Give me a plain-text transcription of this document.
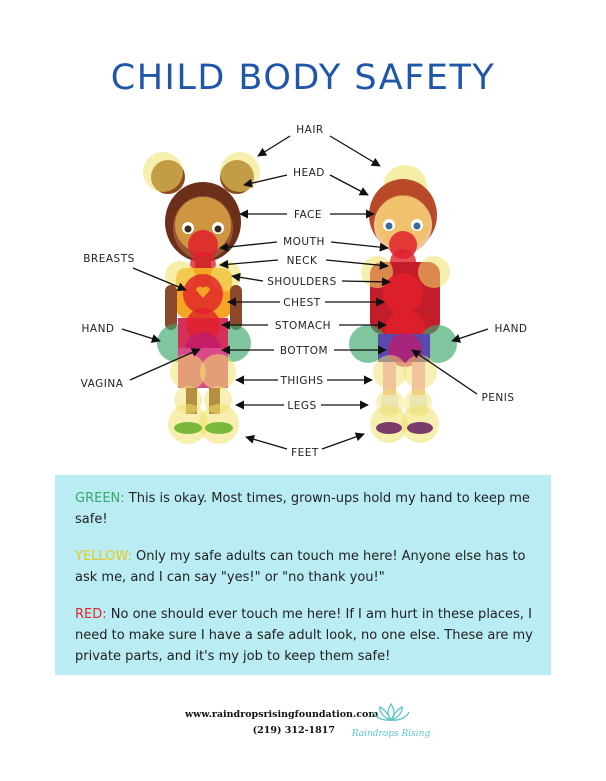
CHILD BODY SAFETY
HAIR
HEAD
FACE
MOUTH
NECK
SHOULDERS
CHEST
STOMACH
BOTTOM
THIGHS
LEGS
FEET
BREASTS
HAND	HAND
VAGINA
PENIS
GREEN: This is okay. Most times, grown-ups hold my hand to keep me safe!
YELLOW: Only my safe adults can touch me here! Anyone else has to ask me, and I can say "yes!" or "no thank you!"
RED: No one should ever touch me here! If I am hurt in these places, I need to make sure I have a safe adult look, no one else. These are my private parts, and it's my job to keep them safe!
www.raindropsrisingfoundation.com
(219) 312-1817 Raindrops Rising
